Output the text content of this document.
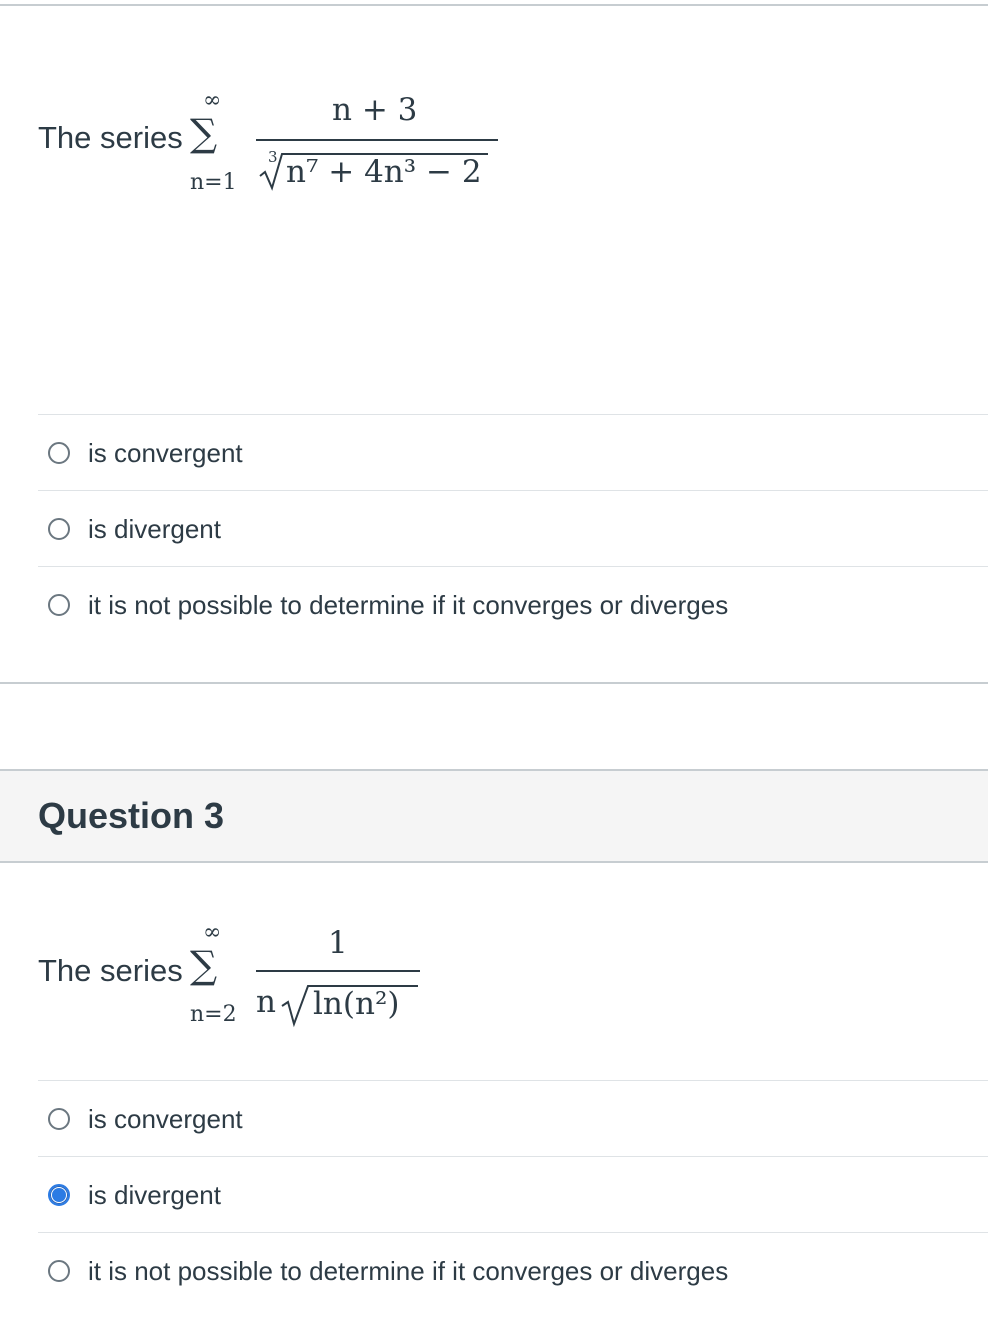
The series
∞
∑
n=1
n + 3
3 n⁷ + 4n³ − 2
is convergent
is divergent
it is not possible to determine if it converges or diverges
Question 3
The series
∞
∑
n=2
1
n ln(n²)
is convergent
is divergent
it is not possible to determine if it converges or diverges
